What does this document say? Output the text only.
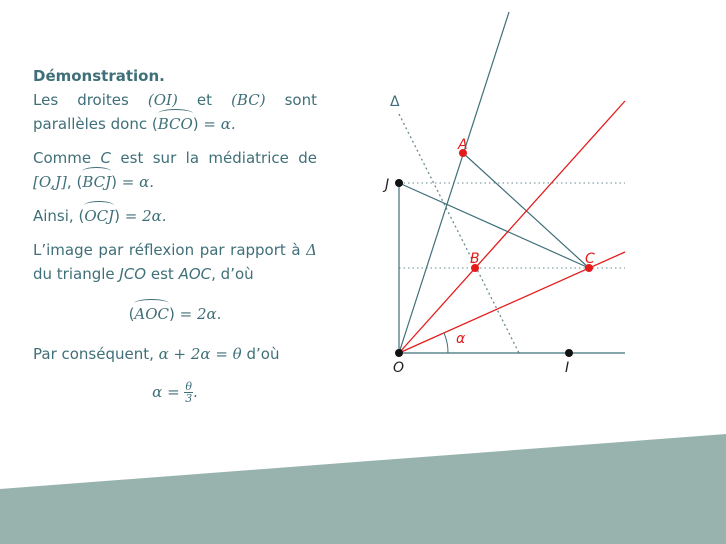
Démonstration.

Les droites (OI) et (BC) sont parallèles donc (BCO) = α.

Comme C est sur la médiatrice de [O,J], (BCJ) = α.

Ainsi, (OCJ) = 2α.

L’image par réflexion par rapport à Δ du triangle JCO est AOC, d’où

(AOC) = 2α.

Par conséquent, α + 2α = θ d’où

$\alpha = \frac{\theta}{3}$ .

Δ
A
B	C
J
O	I
α
